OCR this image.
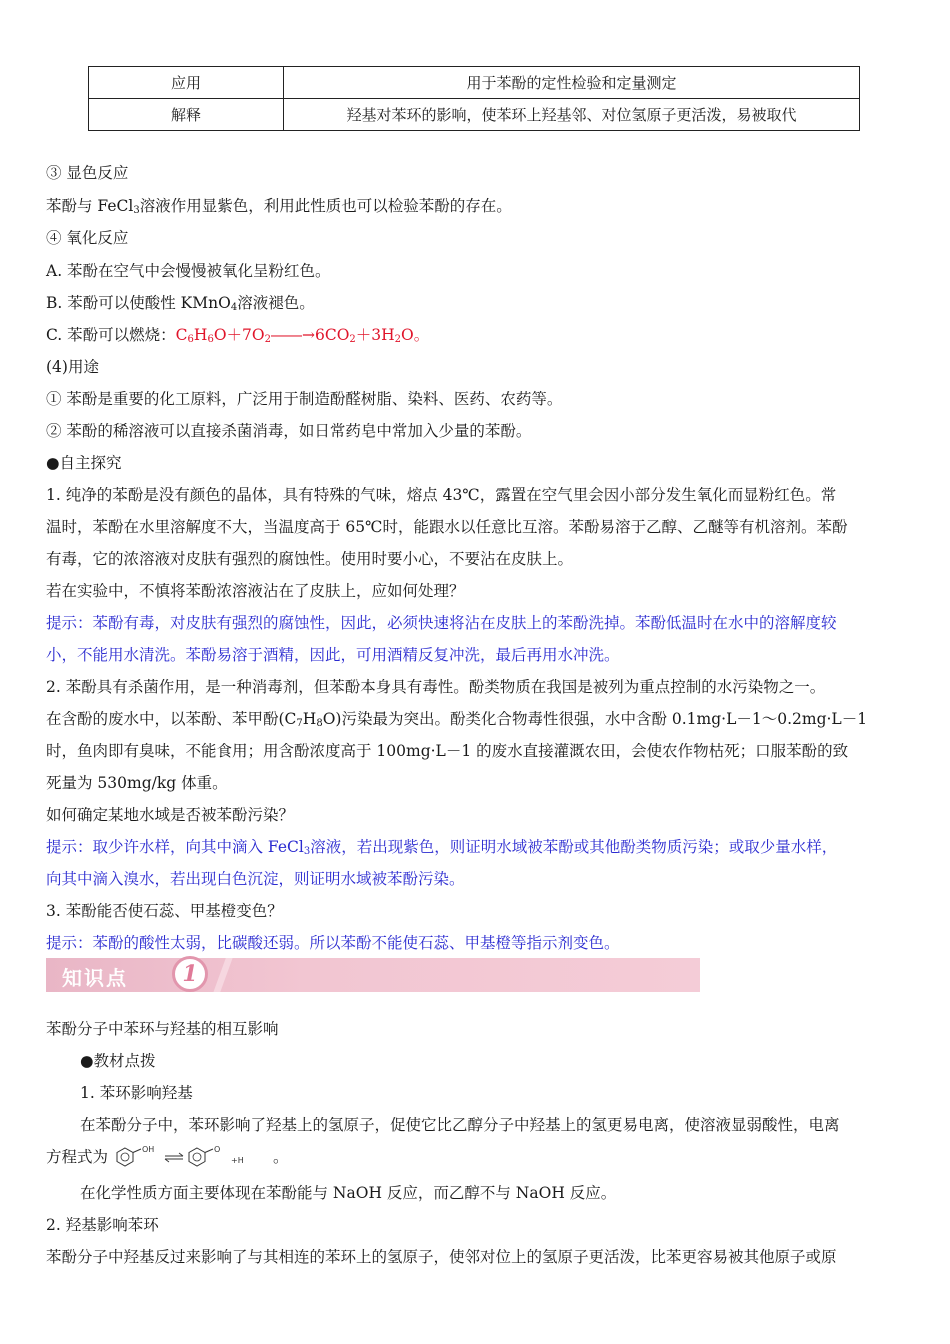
应用	用于苯酚的定性检验和定量测定
解释	羟基对苯环的影响，使苯环上羟基邻、对位氢原子更活泼，易被取代
③ 显色反应
苯酚与 FeCl$_3$溶液作用显紫色，利用此性质也可以检验苯酚的存在。
④ 氧化反应
A. 苯酚在空气中会慢慢被氧化呈粉红色。
B. 苯酚可以使酸性 KMnO$_4$溶液褪色。
C. 苯酚可以燃烧：$C_6H_6O+7O_2――\to 6CO_2+3H_2O$。
(4)用途
① 苯酚是重要的化工原料，广泛用于制造酚醛树脂、染料、医药、农药等。
② 苯酚的稀溶液可以直接杀菌消毒，如日常药皂中常加入少量的苯酚。
●自主探究
1. 纯净的苯酚是没有颜色的晶体，具有特殊的气味，熔点 43℃，露置在空气里会因小部分发生氧化而显粉红色。常
温时，苯酚在水里溶解度不大，当温度高于 65℃时，能跟水以任意比互溶。苯酚易溶于乙醇、乙醚等有机溶剂。苯酚
有毒，它的浓溶液对皮肤有强烈的腐蚀性。使用时要小心，不要沾在皮肤上。
若在实验中，不慎将苯酚浓溶液沾在了皮肤上，应如何处理？
提示：苯酚有毒，对皮肤有强烈的腐蚀性，因此，必须快速将沾在皮肤上的苯酚洗掉。苯酚低温时在水中的溶解度较
小，不能用水清洗。苯酚易溶于酒精，因此，可用酒精反复冲洗，最后再用水冲洗。
2. 苯酚具有杀菌作用，是一种消毒剂，但苯酚本身具有毒性。酚类物质在我国是被列为重点控制的水污染物之一。
在含酚的废水中，以苯酚、苯甲酚$(C_7H_8O)$污染最为突出。酚类化合物毒性很强，水中含酚 0.1mg·L－1～0.2mg·L－1
时，鱼肉即有臭味，不能食用；用含酚浓度高于 100mg·L－1 的废水直接灌溉农田，会使农作物枯死；口服苯酚的致
死量为 530mg/kg 体重。
如何确定某地水域是否被苯酚污染？
提示：取少许水样，向其中滴入 FeCl$_3$溶液，若出现紫色，则证明水域被苯酚或其他酚类物质污染；或取少量水样，
向其中滴入溴水，若出现白色沉淀，则证明水域被苯酚污染。
3. 苯酚能否使石蕊、甲基橙变色？
提示：苯酚的酸性太弱，比碳酸还弱。所以苯酚不能使石蕊、甲基橙等指示剂变色。
知识点	1
苯酚分子中苯环与羟基的相互影响
●教材点拨
1. 苯环影响羟基
在苯酚分子中，苯环影响了羟基上的氢原子，促使它比乙醇分子中羟基上的氢更易电离，使溶液显弱酸性，电离
方程式为	OH	O
+H 。
在化学性质方面主要体现在苯酚能与 NaOH 反应，而乙醇不与 NaOH 反应。
2. 羟基影响苯环
苯酚分子中羟基反过来影响了与其相连的苯环上的氢原子，使邻对位上的氢原子更活泼，比苯更容易被其他原子或原
